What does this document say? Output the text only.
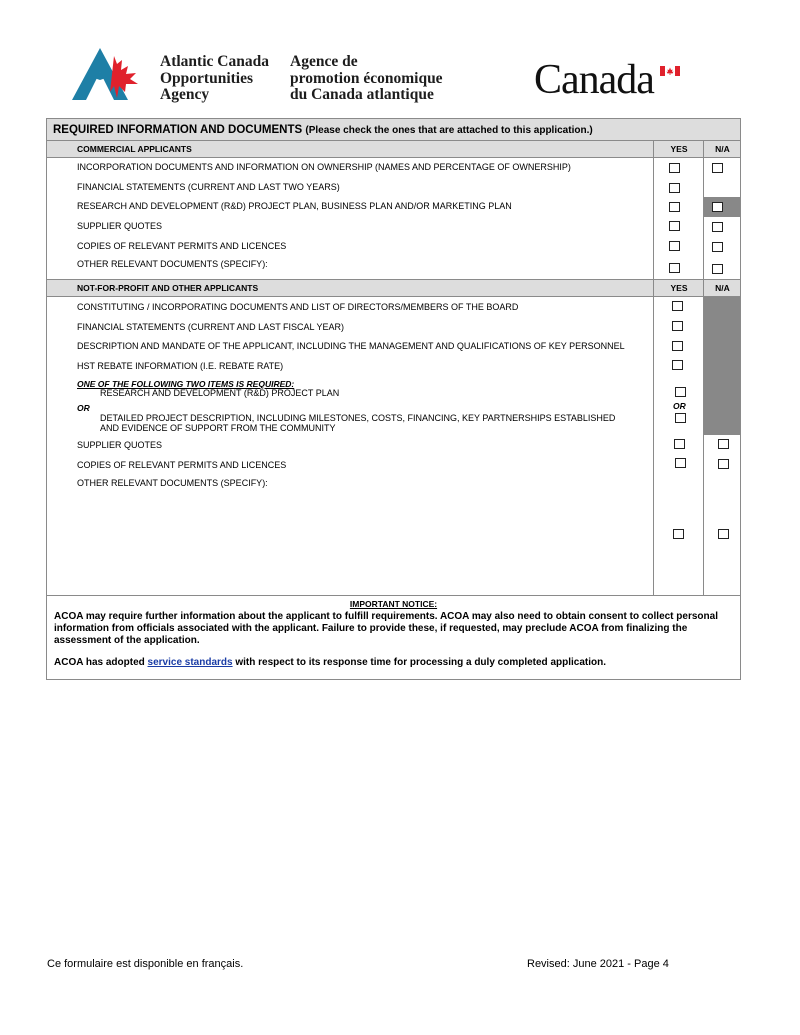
Atlantic Canada
Opportunities
Agency
Agence de
promotion économique
du Canada atlantique Canada
REQUIRED INFORMATION AND DOCUMENTS (Please check the ones that are attached to this application.)
COMMERCIAL APPLICANTS	YES	N/A
INCORPORATION DOCUMENTS AND INFORMATION ON OWNERSHIP (NAMES AND PERCENTAGE OF OWNERSHIP)
FINANCIAL STATEMENTS (CURRENT AND LAST TWO YEARS)
RESEARCH AND DEVELOPMENT (R&D) PROJECT PLAN, BUSINESS PLAN AND/OR MARKETING PLAN
SUPPLIER QUOTES
COPIES OF RELEVANT PERMITS AND LICENCES
OTHER RELEVANT DOCUMENTS (SPECIFY):
NOT-FOR-PROFIT AND OTHER APPLICANTS	YES	N/A
CONSTITUTING / INCORPORATING DOCUMENTS AND LIST OF DIRECTORS/MEMBERS OF THE BOARD
FINANCIAL STATEMENTS (CURRENT AND LAST FISCAL YEAR)
DESCRIPTION AND MANDATE OF THE APPLICANT, INCLUDING THE MANAGEMENT AND QUALIFICATIONS OF KEY PERSONNEL
HST REBATE INFORMATION (I.E. REBATE RATE)
ONE OF THE FOLLOWING TWO ITEMS IS REQUIRED:
RESEARCH AND DEVELOPMENT (R&D) PROJECT PLAN
OR	OR
DETAILED PROJECT DESCRIPTION, INCLUDING MILESTONES, COSTS, FINANCING, KEY PARTNERSHIPS ESTABLISHED
AND EVIDENCE OF SUPPORT FROM THE COMMUNITY
SUPPLIER QUOTES
COPIES OF RELEVANT PERMITS AND LICENCES
OTHER RELEVANT DOCUMENTS (SPECIFY):
IMPORTANT NOTICE:
ACOA may require further information about the applicant to fulfill requirements. ACOA may also need to obtain consent to collect personal information from officials associated with the applicant. Failure to provide these, if requested, may preclude ACOA from finalizing the assessment of the application.
ACOA has adopted service standards with respect to its response time for processing a duly completed application.
Ce formulaire est disponible en français.	Revised: June 2021 - Page 4
